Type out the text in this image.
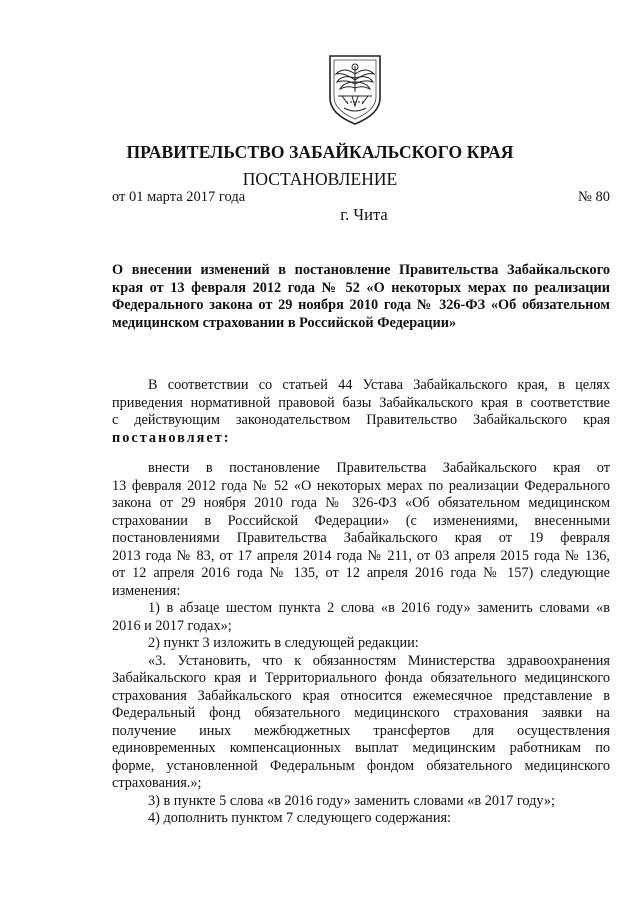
ПРАВИТЕЛЬСТВО ЗАБАЙКАЛЬСКОГО КРАЯ
ПОСТАНОВЛЕНИЕ
от 01 марта 2017 года	№ 80
г. Чита
О внесении изменений в постановление Правительства Забайкальского
края от 13 февраля 2012 года № 52 «О некоторых мерах по реализации
Федерального закона от 29 ноября 2010 года № 326-ФЗ «Об обязательном
медицинском страховании в Российской Федерации»
В соответствии со статьей 44 Устава Забайкальского края, в целях
приведения нормативной правовой базы Забайкальского края в соответствие
с действующим законодательством Правительство Забайкальского края
постановляет:
внести в постановление Правительства Забайкальского края от
13 февраля 2012 года № 52 «О некоторых мерах по реализации Федерального
закона от 29 ноября 2010 года № 326-ФЗ «Об обязательном медицинском
страховании в Российской Федерации» (с изменениями, внесенными
постановлениями Правительства Забайкальского края от 19 февраля
2013 года № 83, от 17 апреля 2014 года № 211, от 03 апреля 2015 года № 136,
от 12 апреля 2016 года № 135, от 12 апреля 2016 года № 157) следующие
изменения:
1) в абзаце шестом пункта 2 слова «в 2016 году» заменить словами «в
2016 и 2017 годах»;
2) пункт 3 изложить в следующей редакции:
«3. Установить, что к обязанностям Министерства здравоохранения
Забайкальского края и Территориального фонда обязательного медицинского
страхования Забайкальского края относится ежемесячное представление в
Федеральный фонд обязательного медицинского страхования заявки на
получение иных межбюджетных трансфертов для осуществления
единовременных компенсационных выплат медицинским работникам по
форме, установленной Федеральным фондом обязательного медицинского
страхования.»;
3) в пункте 5 слова «в 2016 году» заменить словами «в 2017 году»;
4) дополнить пунктом 7 следующего содержания:
